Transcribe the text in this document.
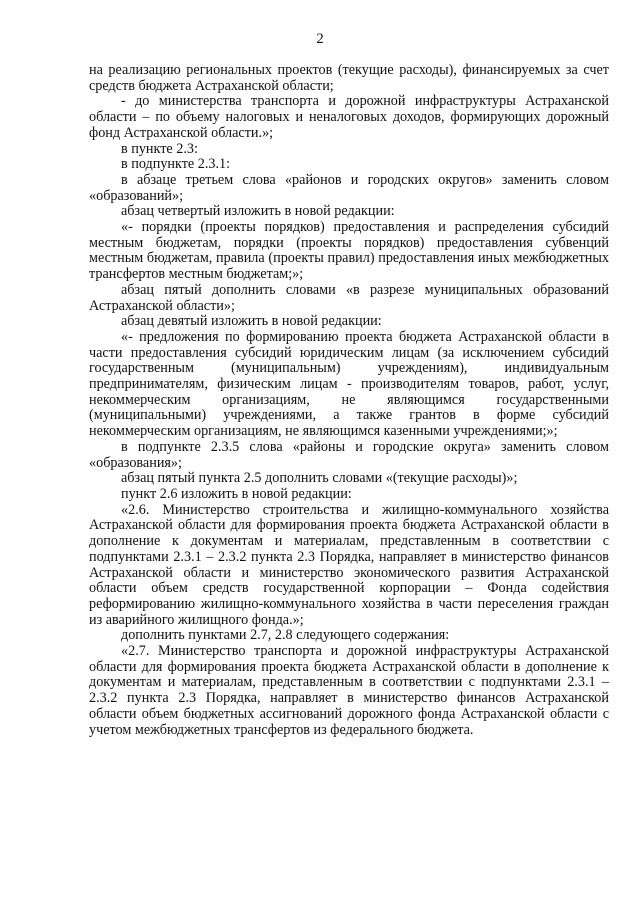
2

на реализацию региональных проектов (текущие расходы), финансируемых за счет средств бюджета Астраханской области;

- до министерства транспорта и дорожной инфраструктуры Астраханской области – по объему налоговых и неналоговых доходов, формирующих дорожный фонд Астраханской области.»;

в пункте 2.3:

в подпункте 2.3.1:

в абзаце третьем слова «районов и городских округов» заменить словом «образований»;

абзац четвертый изложить в новой редакции:

«- порядки (проекты порядков) предоставления и распределения субсидий местным бюджетам, порядки (проекты порядков) предоставления субвенций местным бюджетам, правила (проекты правил) предоставления иных межбюджетных трансфертов местным бюджетам;»;

абзац пятый дополнить словами «в разрезе муниципальных образований Астраханской области»;

абзац девятый изложить в новой редакции:

«- предложения по формированию проекта бюджета Астраханской области в части предоставления субсидий юридическим лицам (за исключением субсидий государственным (муниципальным) учреждениям), индивидуальным предпринимателям, физическим лицам - производителям товаров, работ, услуг, некоммерческим организациям, не являющимся государственными (муниципальными) учреждениями, а также грантов в форме субсидий некоммерческим организациям, не являющимся казенными учреждениями;»;

в подпункте 2.3.5 слова «районы и городские округа» заменить словом «образования»;

абзац пятый пункта 2.5 дополнить словами «(текущие расходы)»;

пункт 2.6 изложить в новой редакции:

«2.6. Министерство строительства и жилищно-коммунального хозяйства Астраханской области для формирования проекта бюджета Астраханской области в дополнение к документам и материалам, представленным в соответствии с подпунктами 2.3.1 – 2.3.2 пункта 2.3 Порядка, направляет в министерство финансов Астраханской области и министерство экономического развития Астраханской области объем средств государственной корпорации – Фонда содействия реформированию жилищно-коммунального хозяйства в части переселения граждан из аварийного жилищного фонда.»;

дополнить пунктами 2.7, 2.8 следующего содержания:

«2.7. Министерство транспорта и дорожной инфраструктуры Астраханской области для формирования проекта бюджета Астраханской области в дополнение к документам и материалам, представленным в соответствии с подпунктами 2.3.1 – 2.3.2 пункта 2.3 Порядка, направляет в министерство финансов Астраханской области объем бюджетных ассигнований дорожного фонда Астраханской области с учетом межбюджетных трансфертов из федерального бюджета.
